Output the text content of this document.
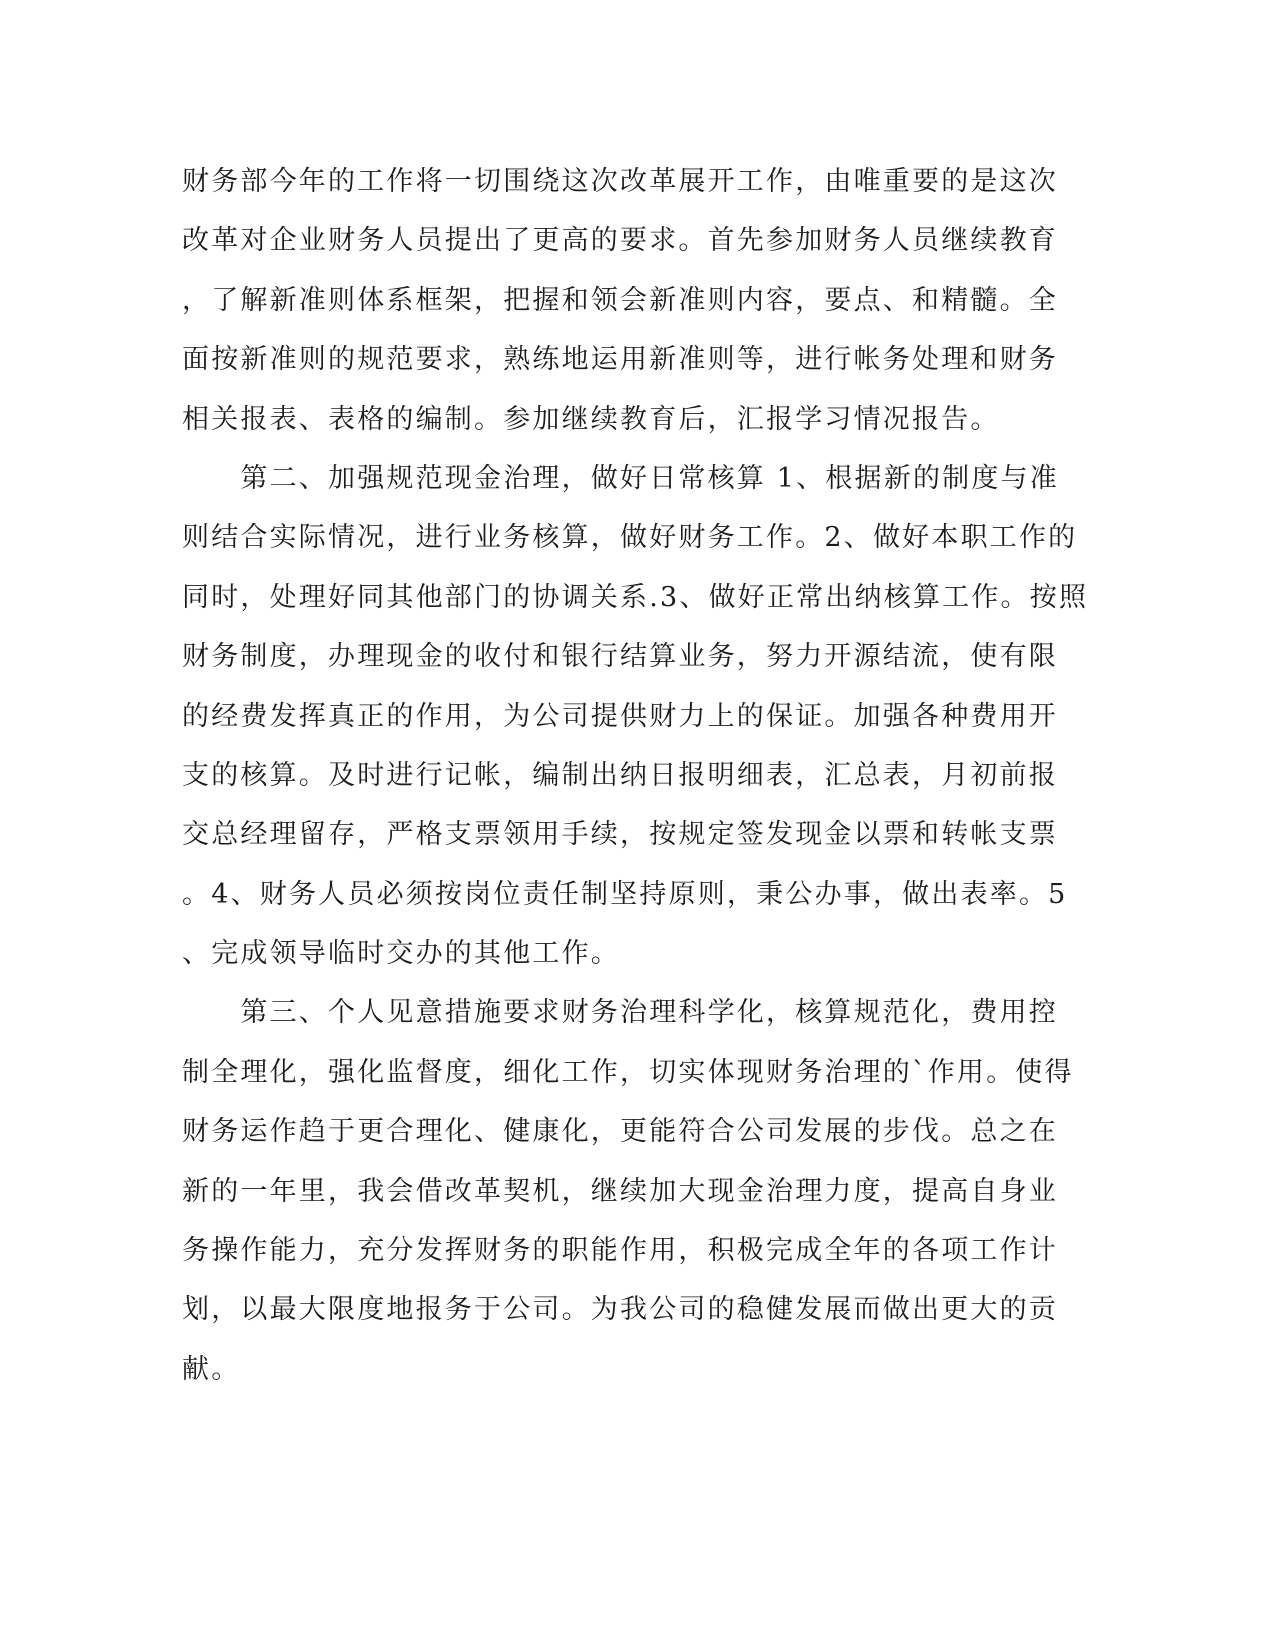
财务部今年的工作将一切围绕这次改革展开工作，由唯重要的是这次
改革对企业财务人员提出了更高的要求。首先参加财务人员继续教育
，了解新准则体系框架，把握和领会新准则内容，要点、和精髓。全
面按新准则的规范要求，熟练地运用新准则等，进行帐务处理和财务
相关报表、表格的编制。参加继续教育后，汇报学习情况报告。
　　第二、加强规范现金治理，做好日常核算 1、根据新的制度与准
则结合实际情况，进行业务核算，做好财务工作。2、做好本职工作的
同时，处理好同其他部门的协调关系.3、做好正常出纳核算工作。按照
财务制度，办理现金的收付和银行结算业务，努力开源结流，使有限
的经费发挥真正的作用，为公司提供财力上的保证。加强各种费用开
支的核算。及时进行记帐，编制出纳日报明细表，汇总表，月初前报
交总经理留存，严格支票领用手续，按规定签发现金以票和转帐支票
。4、财务人员必须按岗位责任制坚持原则，秉公办事，做出表率。5
、完成领导临时交办的其他工作。
　　第三、个人见意措施要求财务治理科学化，核算规范化，费用控
制全理化，强化监督度，细化工作，切实体现财务治理的`作用。使得
财务运作趋于更合理化、健康化，更能符合公司发展的步伐。总之在
新的一年里，我会借改革契机，继续加大现金治理力度，提高自身业
务操作能力，充分发挥财务的职能作用，积极完成全年的各项工作计
划，以最大限度地报务于公司。为我公司的稳健发展而做出更大的贡
献。
